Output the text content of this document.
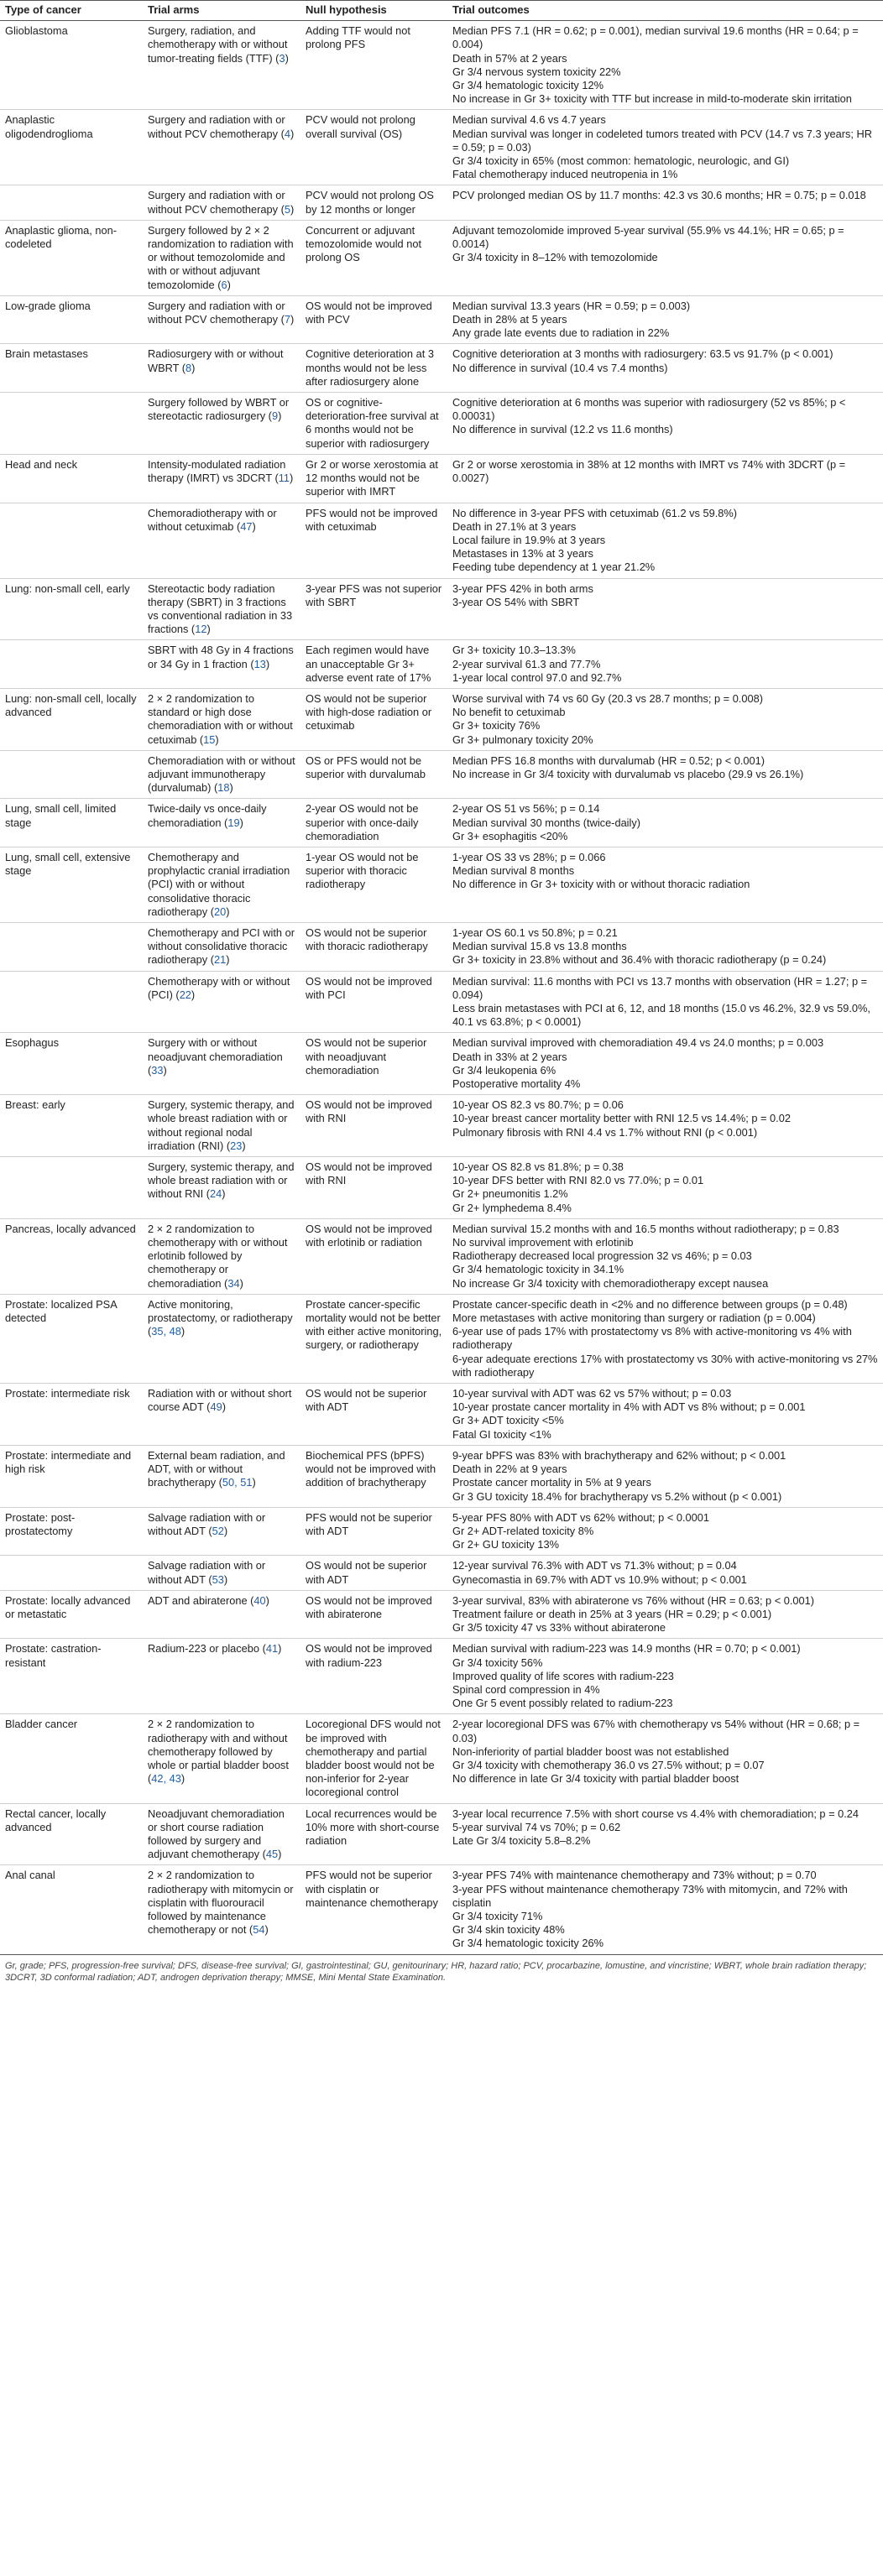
Type of cancer	Trial arms	Null hypothesis	Trial outcomes
Glioblastoma	Surgery, radiation, and chemotherapy with or without tumor-treating fields (TTF) (3)	Adding TTF would not prolong PFS	Median PFS 7.1 (HR = 0.62; p = 0.001), median survival 19.6 months (HR = 0.64; p = 0.004)
Death in 57% at 2 years
Gr 3/4 nervous system toxicity 22%
Gr 3/4 hematologic toxicity 12%
No increase in Gr 3+ toxicity with TTF but increase in mild-to-moderate skin irritation

Anaplastic oligodendroglioma	Surgery and radiation with or without PCV chemotherapy (4)	PCV would not prolong overall survival (OS)	Median survival 4.6 vs 4.7 years
Median survival was longer in codeleted tumors treated with PCV (14.7 vs 7.3 years; HR = 0.59; p = 0.03)
Gr 3/4 toxicity in 65% (most common: hematologic, neurologic, and GI)
Fatal chemotherapy induced neutropenia in 1%

	Surgery and radiation with or without PCV chemotherapy (5)	PCV would not prolong OS by 12 months or longer	PCV prolonged median OS by 11.7 months: 42.3 vs 30.6 months; HR = 0.75; p = 0.018

Anaplastic glioma, non-codeleted	Surgery followed by 2 × 2 randomization to radiation with or without temozolomide and with or without adjuvant temozolomide (6)	Concurrent or adjuvant temozolomide would not prolong OS	Adjuvant temozolomide improved 5-year survival (55.9% vs 44.1%; HR = 0.65; p = 0.0014)
Gr 3/4 toxicity in 8–12% with temozolomide

Low-grade glioma	Surgery and radiation with or without PCV chemotherapy (7)	OS would not be improved with PCV	Median survival 13.3 years (HR = 0.59; p = 0.003)
Death in 28% at 5 years
Any grade late events due to radiation in 22%

Brain metastases	Radiosurgery with or without WBRT (8)	Cognitive deterioration at 3 months would not be less after radiosurgery alone	Cognitive deterioration at 3 months with radiosurgery: 63.5 vs 91.7% (p < 0.001)
No difference in survival (10.4 vs 7.4 months)

	Surgery followed by WBRT or stereotactic radiosurgery (9)	OS or cognitive-deterioration-free survival at 6 months would not be superior with radiosurgery	Cognitive deterioration at 6 months was superior with radiosurgery (52 vs 85%; p < 0.00031)
No difference in survival (12.2 vs 11.6 months)

Head and neck	Intensity-modulated radiation therapy (IMRT) vs 3DCRT (11)	Gr 2 or worse xerostomia at 12 months would not be superior with IMRT	Gr 2 or worse xerostomia in 38% at 12 months with IMRT vs 74% with 3DCRT (p = 0.0027)

	Chemoradiotherapy with or without cetuximab (47)	PFS would not be improved with cetuximab	No difference in 3-year PFS with cetuximab (61.2 vs 59.8%)
Death in 27.1% at 3 years
Local failure in 19.9% at 3 years
Metastases in 13% at 3 years
Feeding tube dependency at 1 year 21.2%

Lung: non-small cell, early	Stereotactic body radiation therapy (SBRT) in 3 fractions vs conventional radiation in 33 fractions (12)	3-year PFS was not superior with SBRT	3-year PFS 42% in both arms
3-year OS 54% with SBRT

	SBRT with 48 Gy in 4 fractions or 34 Gy in 1 fraction (13)	Each regimen would have an unacceptable Gr 3+ adverse event rate of 17%	Gr 3+ toxicity 10.3–13.3%
2-year survival 61.3 and 77.7%
1-year local control 97.0 and 92.7%

Lung: non-small cell, locally advanced	2 × 2 randomization to standard or high dose chemoradiation with or without cetuximab (15)	OS would not be superior with high-dose radiation or cetuximab	Worse survival with 74 vs 60 Gy (20.3 vs 28.7 months; p = 0.008)
No benefit to cetuximab
Gr 3+ toxicity 76%
Gr 3+ pulmonary toxicity 20%

	Chemoradiation with or without adjuvant immunotherapy (durvalumab) (18)	OS or PFS would not be superior with durvalumab	Median PFS 16.8 months with durvalumab (HR = 0.52; p < 0.001)
No increase in Gr 3/4 toxicity with durvalumab vs placebo (29.9 vs 26.1%)

Lung, small cell, limited stage	Twice-daily vs once-daily chemoradiation (19)	2-year OS would not be superior with once-daily chemoradiation	2-year OS 51 vs 56%; p = 0.14
Median survival 30 months (twice-daily)
Gr 3+ esophagitis <20%

Lung, small cell, extensive stage	Chemotherapy and prophylactic cranial irradiation (PCI) with or without consolidative thoracic radiotherapy (20)	1-year OS would not be superior with thoracic radiotherapy	1-year OS 33 vs 28%; p = 0.066
Median survival 8 months
No difference in Gr 3+ toxicity with or without thoracic radiation

	Chemotherapy and PCI with or without consolidative thoracic radiotherapy (21)	OS would not be superior with thoracic radiotherapy	1-year OS 60.1 vs 50.8%; p = 0.21
Median survival 15.8 vs 13.8 months
Gr 3+ toxicity in 23.8% without and 36.4% with thoracic radiotherapy (p = 0.24)

	Chemotherapy with or without (PCI) (22)	OS would not be improved with PCI	Median survival: 11.6 months with PCI vs 13.7 months with observation (HR = 1.27; p = 0.094)
Less brain metastases with PCI at 6, 12, and 18 months (15.0 vs 46.2%, 32.9 vs 59.0%, 40.1 vs 63.8%; p < 0.0001)

Esophagus	Surgery with or without neoadjuvant chemoradiation (33)	OS would not be superior with neoadjuvant chemoradiation	Median survival improved with chemoradiation 49.4 vs 24.0 months; p = 0.003
Death in 33% at 2 years
Gr 3/4 leukopenia 6%
Postoperative mortality 4%

Breast: early	Surgery, systemic therapy, and whole breast radiation with or without regional nodal irradiation (RNI) (23)	OS would not be improved with RNI	10-year OS 82.3 vs 80.7%; p = 0.06
10-year breast cancer mortality better with RNI 12.5 vs 14.4%; p = 0.02
Pulmonary fibrosis with RNI 4.4 vs 1.7% without RNI (p < 0.001)

	Surgery, systemic therapy, and whole breast radiation with or without RNI (24)	OS would not be improved with RNI	10-year OS 82.8 vs 81.8%; p = 0.38
10-year DFS better with RNI 82.0 vs 77.0%; p = 0.01
Gr 2+ pneumonitis 1.2%
Gr 2+ lymphedema 8.4%

Pancreas, locally advanced	2 × 2 randomization to chemotherapy with or without erlotinib followed by chemotherapy or chemoradiation (34)	OS would not be improved with erlotinib or radiation	Median survival 15.2 months with and 16.5 months without radiotherapy; p = 0.83
No survival improvement with erlotinib
Radiotherapy decreased local progression 32 vs 46%; p = 0.03
Gr 3/4 hematologic toxicity in 34.1%
No increase Gr 3/4 toxicity with chemoradiotherapy except nausea

Prostate: localized PSA detected	Active monitoring, prostatectomy, or radiotherapy (35, 48)	Prostate cancer-specific mortality would not be better with either active monitoring, surgery, or radiotherapy	Prostate cancer-specific death in <2% and no difference between groups (p = 0.48)
More metastases with active monitoring than surgery or radiation (p = 0.004)
6-year use of pads 17% with prostatectomy vs 8% with active-monitoring vs 4% with radiotherapy
6-year adequate erections 17% with prostatectomy vs 30% with active-monitoring vs 27% with radiotherapy

Prostate: intermediate risk	Radiation with or without short course ADT (49)	OS would not be superior with ADT	10-year survival with ADT was 62 vs 57% without; p = 0.03
10-year prostate cancer mortality in 4% with ADT vs 8% without; p = 0.001
Gr 3+ ADT toxicity <5%
Fatal GI toxicity <1%

Prostate: intermediate and high risk	External beam radiation, and ADT, with or without brachytherapy (50, 51)	Biochemical PFS (bPFS) would not be improved with addition of brachytherapy	9-year bPFS was 83% with brachytherapy and 62% without; p < 0.001
Death in 22% at 9 years
Prostate cancer mortality in 5% at 9 years
Gr 3 GU toxicity 18.4% for brachytherapy vs 5.2% without (p < 0.001)

Prostate: post-prostatectomy	Salvage radiation with or without ADT (52)	PFS would not be superior with ADT	5-year PFS 80% with ADT vs 62% without; p < 0.0001
Gr 2+ ADT-related toxicity 8%
Gr 2+ GU toxicity 13%

	Salvage radiation with or without ADT (53)	OS would not be superior with ADT	12-year survival 76.3% with ADT vs 71.3% without; p = 0.04
Gynecomastia in 69.7% with ADT vs 10.9% without; p < 0.001

Prostate: locally advanced or metastatic	ADT and abiraterone (40)	OS would not be improved with abiraterone	3-year survival, 83% with abiraterone vs 76% without (HR = 0.63; p < 0.001)
Treatment failure or death in 25% at 3 years (HR = 0.29; p < 0.001)
Gr 3/5 toxicity 47 vs 33% without abiraterone

Prostate: castration-resistant	Radium-223 or placebo (41)	OS would not be improved with radium-223	Median survival with radium-223 was 14.9 months (HR = 0.70; p < 0.001)
Gr 3/4 toxicity 56%
Improved quality of life scores with radium-223
Spinal cord compression in 4%
One Gr 5 event possibly related to radium-223

Bladder cancer	2 × 2 randomization to radiotherapy with and without chemotherapy followed by whole or partial bladder boost (42, 43)	Locoregional DFS would not be improved with chemotherapy and partial bladder boost would not be non-inferior for 2-year locoregional control	2-year locoregional DFS was 67% with chemotherapy vs 54% without (HR = 0.68; p = 0.03)
Non-inferiority of partial bladder boost was not established
Gr 3/4 toxicity with chemotherapy 36.0 vs 27.5% without; p = 0.07
No difference in late Gr 3/4 toxicity with partial bladder boost

Rectal cancer, locally advanced	Neoadjuvant chemoradiation or short course radiation followed by surgery and adjuvant chemotherapy (45)	Local recurrences would be 10% more with short-course radiation	3-year local recurrence 7.5% with short course vs 4.4% with chemoradiation; p = 0.24
5-year survival 74 vs 70%; p = 0.62
Late Gr 3/4 toxicity 5.8–8.2%

Anal canal	2 × 2 randomization to radiotherapy with mitomycin or cisplatin with fluorouracil followed by maintenance chemotherapy or not (54)	PFS would not be superior with cisplatin or maintenance chemotherapy	3-year PFS 74% with maintenance chemotherapy and 73% without; p = 0.70
3-year PFS without maintenance chemotherapy 73% with mitomycin, and 72% with cisplatin
Gr 3/4 toxicity 71%
Gr 3/4 skin toxicity 48%
Gr 3/4 hematologic toxicity 26%
Gr, grade; PFS, progression-free survival; DFS, disease-free survival; GI, gastrointestinal; GU, genitourinary; HR, hazard ratio; PCV, procarbazine, lomustine, and vincristine; WBRT, whole brain radiation therapy; 3DCRT, 3D conformal radiation; ADT, androgen deprivation therapy; MMSE, Mini Mental State Examination.
